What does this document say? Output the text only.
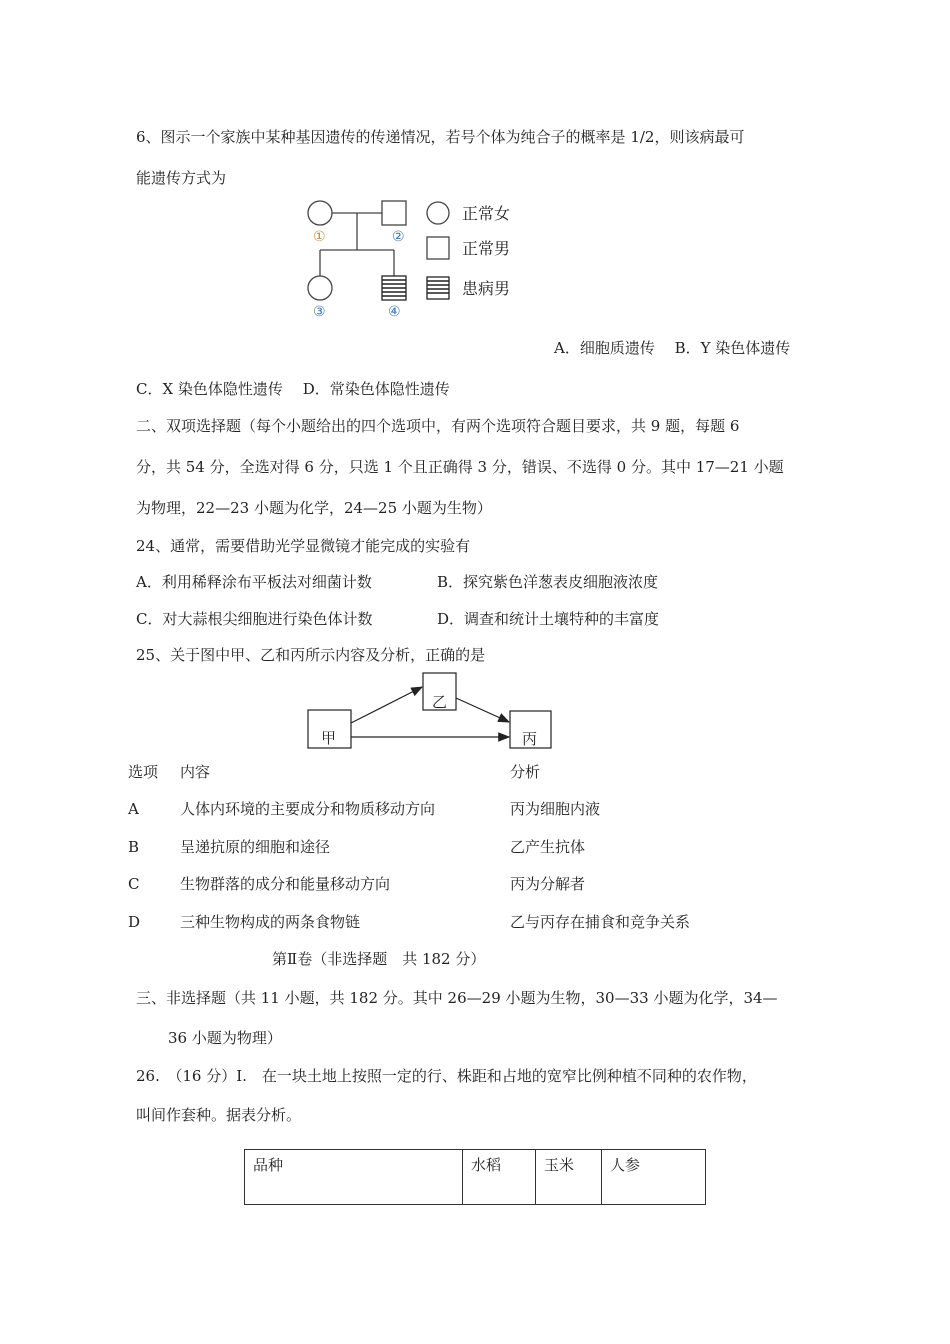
6、图示一个家族中某种基因遗传的传递情况，若号个体为纯合子的概率是 1/2，则该病最可
能遗传方式为
①	②
③	④
正常女
正常男
患病男
A．细胞质遗传　 B．Y 染色体遗传
C．X 染色体隐性遗传　 D．常染色体隐性遗传
二、双项选择题（每个小题给出的四个选项中，有两个选项符合题目要求，共 9 题，每题 6
分，共 54 分，全选对得 6 分，只选 1 个且正确得 3 分，错误、不选得 0 分。其中 17—21 小题
为物理，22—23 小题为化学，24—25 小题为生物）
24、通常，需要借助光学显微镜才能完成的实验有
A．利用稀释涂布平板法对细菌计数	B．探究紫色洋葱表皮细胞液浓度
C．对大蒜根尖细胞进行染色体计数	D．调查和统计土壤特种的丰富度
25、关于图中甲、乙和丙所示内容及分析，正确的是
甲
乙
丙
选项 内容	分析
A	人体内环境的主要成分和物质移动方向	丙为细胞内液
B	呈递抗原的细胞和途径	乙产生抗体
C	生物群落的成分和能量移动方向	丙为分解者
D	三种生物构成的两条食物链	乙与丙存在捕食和竞争关系
第Ⅱ卷（非选择题　共 182 分）
三、非选择题（共 11 小题，共 182 分。其中 26—29 小题为生物，30—33 小题为化学，34—
36 小题为物理）
26.　（16 分）I.　在一块土地上按照一定的行、株距和占地的宽窄比例种植不同种的农作物，
叫间作套种。据表分析。
品种	水稻	玉米	人参
